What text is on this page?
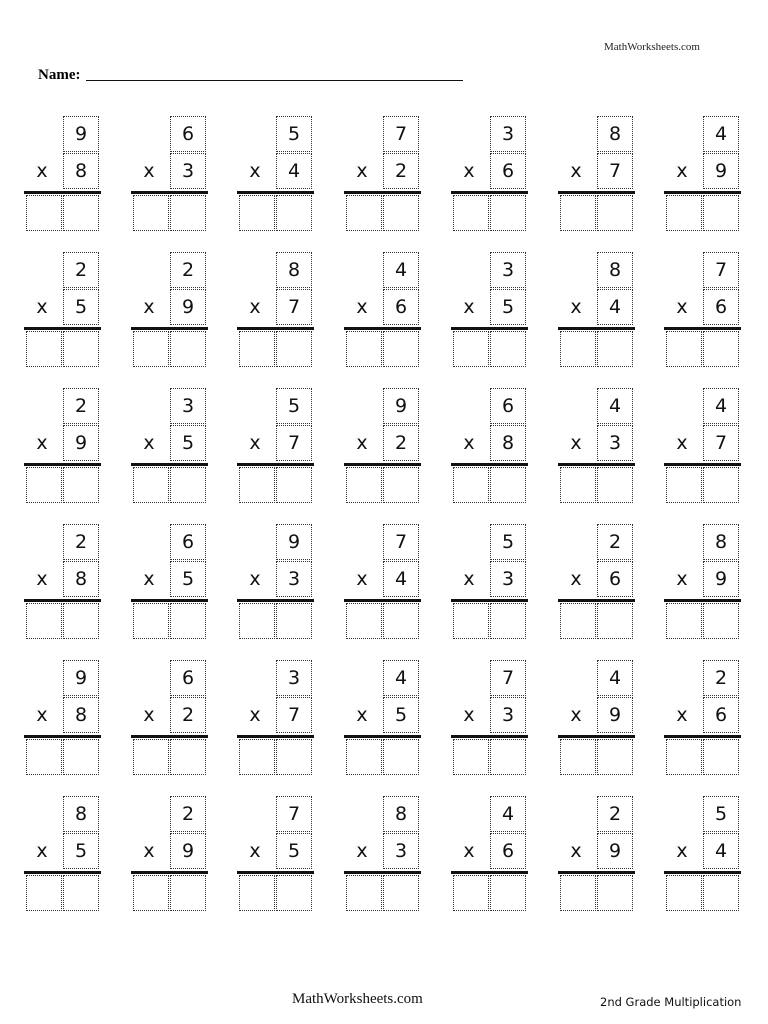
MathWorksheets.com
Name:
9
8
x
6
3
x
5
4
x
7
2
x
3
6
x
8
7
x
4
9
x
2
5
x
2
9
x
8
7
x
4
6
x
3
5
x
8
4
x
7
6
x
2
9
x
3
5
x
5
7
x
9
2
x
6
8
x
4
3
x
4
7
x
2
8
x
6
5
x
9
3
x
7
4
x
5
3
x
2
6
x
8
9
x
9
8
x
6
2
x
3
7
x
4
5
x
7
3
x
4
9
x
2
6
x
8
5
x
2
9
x
7
5
x
8
3
x
4
6
x
2
9
x
5
4
x
MathWorksheets.com	2nd Grade Multiplication
